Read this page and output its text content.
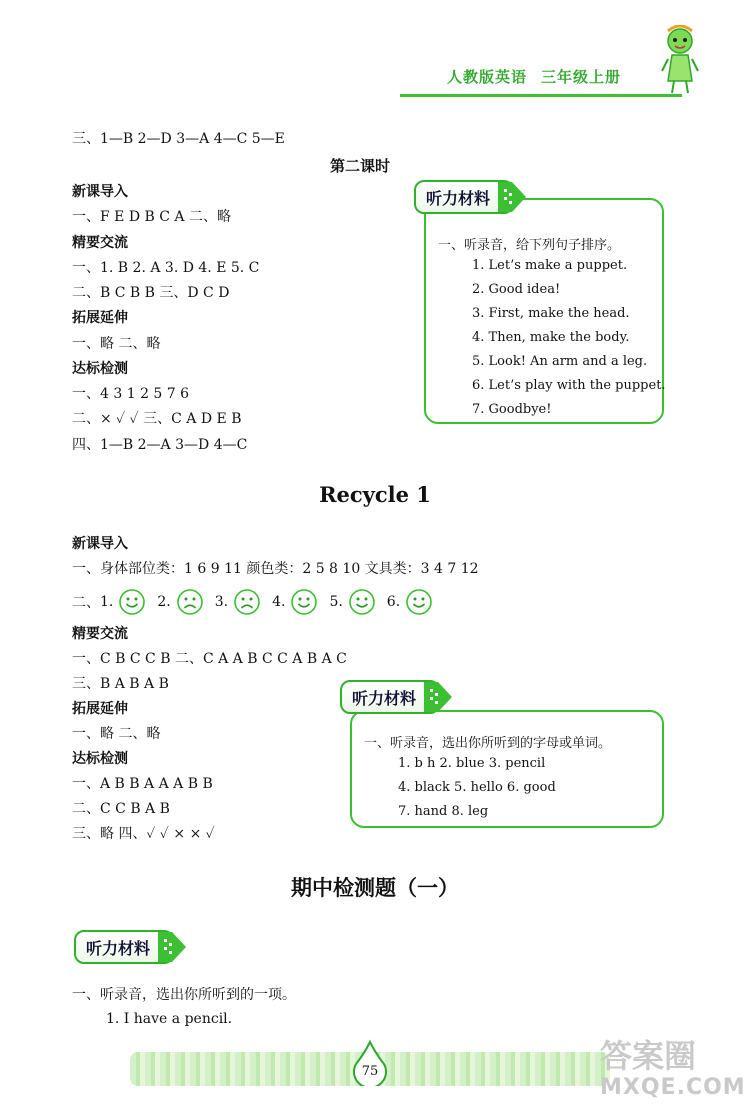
人教版英语 三年级上册
三、1—B 2—D 3—A 4—C 5—E
第二课时
新课导入
一、F E D B C A 二、略
精要交流
一、1. B 2. A 3. D 4. E 5. C
二、B C B B 三、D C D
拓展延伸
一、略 二、略
达标检测
一、4 3 1 2 5 7 6
二、× ✓ ✓ 三、C A D E B
四、1—B 2—A 3—D 4—C
一、听录音，给下列句子排序。
1. Let’s make a puppet.
2. Good idea!
3. First, make the head.
4. Then, make the body.
5. Look! An arm and a leg.
6. Let’s play with the puppet.
7. Goodbye!
听力材料
Recycle 1
新课导入
一、身体部位类：1 6 9 11 颜色类：2 5 8 10 文具类：3 4 7 12
二、 1.	2.	3.	4.	5.	6.
精要交流
一、C B C C B 二、C A A B C C A B A C
三、B A B A B
拓展延伸
一、略 二、略
达标检测
一、A B B A A A B B
二、C C B A B
三、略 四、✓ ✓ × × ✓
一、听录音，选出你所听到的字母或单词。
1. b h 2. blue 3. pencil
4. black 5. hello 6. good
7. hand 8. leg
听力材料
期中检测题（一）
听力材料
一、听录音，选出你所听到的一项。
1. I have a pencil.
75	答案圈
MXQE.COM
